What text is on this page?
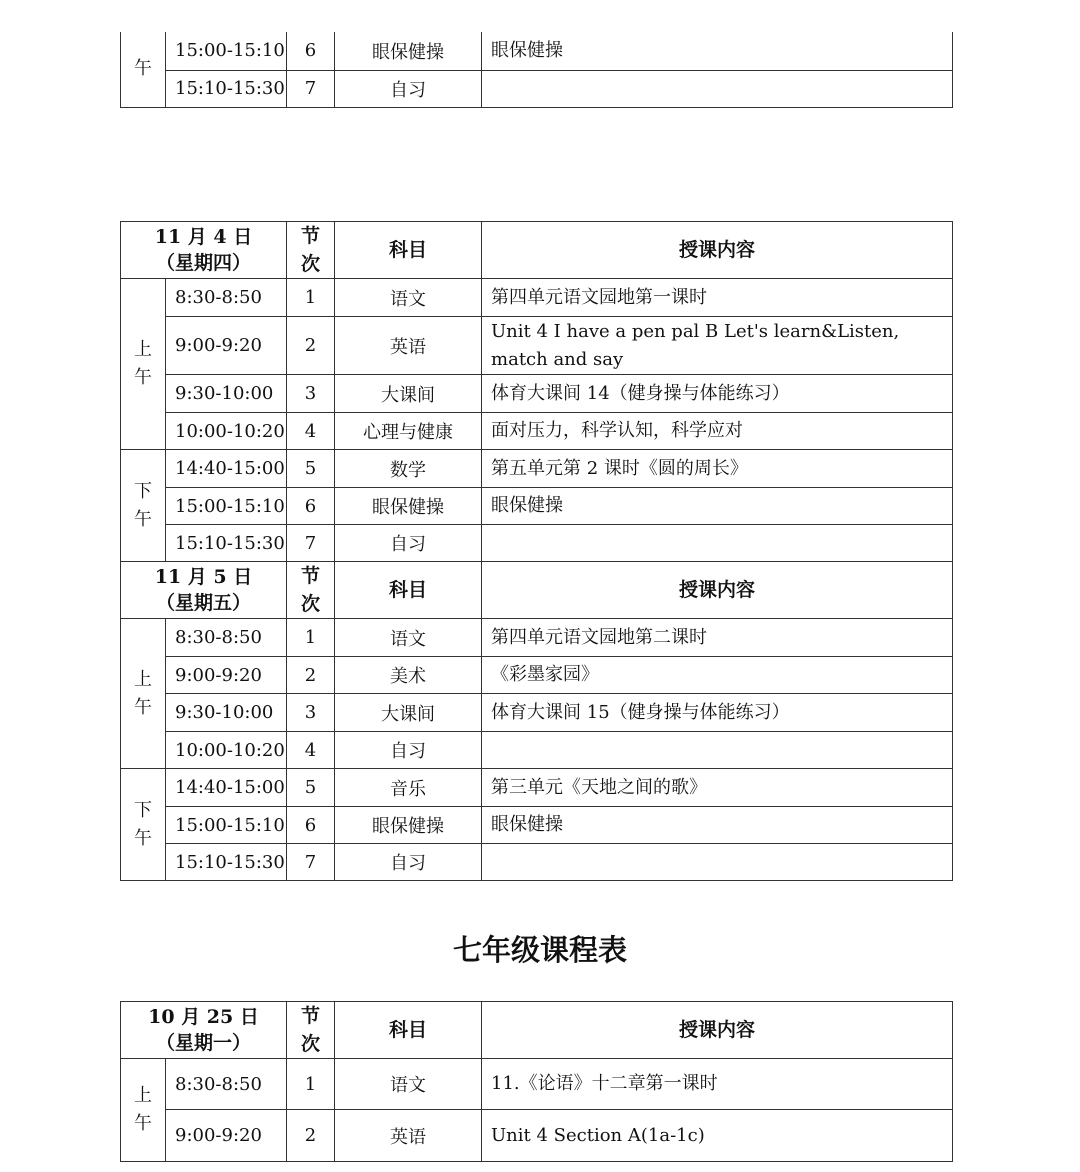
午	15:00-15:10	6	眼保健操	眼保健操
	15:10-15:30	7	自习	
11 月 4 日
（星期四）		节次	科目	授课内容
上午	8:30-8:50	1	语文	第四单元语文园地第一课时
	9:00-9:20	2	英语	Unit 4 I have a pen pal B Let's learn&Listen, match and say
	9:30-10:00	3	大课间	体育大课间 14（健身操与体能练习）
	10:00-10:20	4	心理与健康	面对压力，科学认知，科学应对
下午	14:40-15:00	5	数学	第五单元第 2 课时《圆的周长》
	15:00-15:10	6	眼保健操	眼保健操
	15:10-15:30	7	自习	

11 月 5 日
（星期五）		节次	科目	授课内容
上午	8:30-8:50	1	语文	第四单元语文园地第二课时
	9:00-9:20	2	美术	《彩墨家园》
	9:30-10:00	3	大课间	体育大课间 15（健身操与体能练习）
	10:00-10:20	4	自习	
下午	14:40-15:00	5	音乐	第三单元《天地之间的歌》
	15:00-15:10	6	眼保健操	眼保健操
	15:10-15:30	7	自习	
七年级课程表
10 月 25 日
（星期一）		节次	科目	授课内容
上午	8:30-8:50	1	语文	11.《论语》十二章第一课时
	9:00-9:20	2	英语	Unit 4 Section A(1a-1c)
